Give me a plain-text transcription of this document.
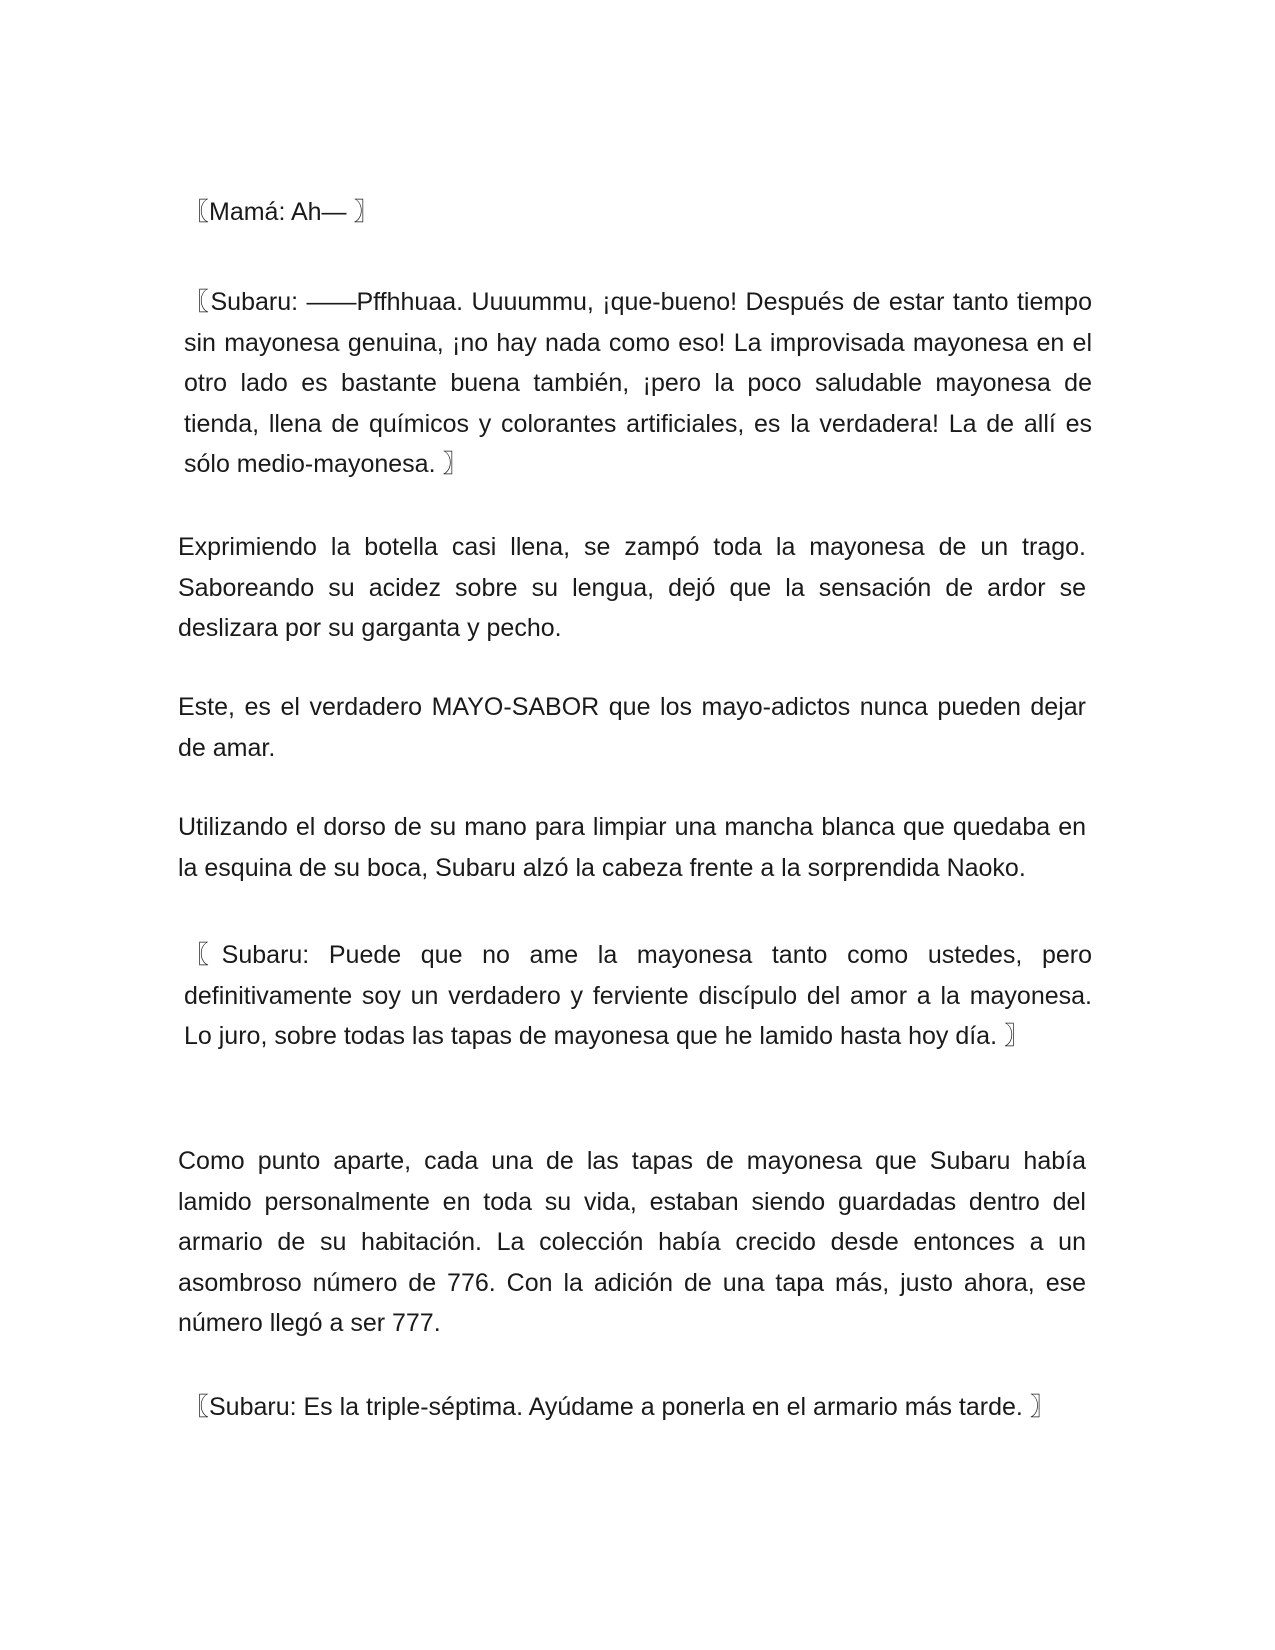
〖Mamá: Ah— 〗

〖Subaru: ——Pffhhuaa. Uuuummu, ¡que-bueno! Después de estar tanto tiempo sin mayonesa genuina, ¡no hay nada como eso! La improvisada mayonesa en el otro lado es bastante buena también, ¡pero la poco saludable mayonesa de tienda, llena de químicos y colorantes artificiales, es la verdadera! La de allí es sólo medio-mayonesa. 〗

Exprimiendo la botella casi llena, se zampó toda la mayonesa de un trago. Saboreando su acidez sobre su lengua, dejó que la sensación de ardor se deslizara por su garganta y pecho.

Este, es el verdadero MAYO-SABOR que los mayo-adictos nunca pueden dejar de amar.

Utilizando el dorso de su mano para limpiar una mancha blanca que quedaba en la esquina de su boca, Subaru alzó la cabeza frente a la sorprendida Naoko.

〖Subaru: Puede que no ame la mayonesa tanto como ustedes, pero definitivamente soy un verdadero y ferviente discípulo del amor a la mayonesa. Lo juro, sobre todas las tapas de mayonesa que he lamido hasta hoy día. 〗

Como punto aparte, cada una de las tapas de mayonesa que Subaru había lamido personalmente en toda su vida, estaban siendo guardadas dentro del armario de su habitación. La colección había crecido desde entonces a un asombroso número de 776. Con la adición de una tapa más, justo ahora, ese número llegó a ser 777.

〖Subaru: Es la triple-séptima. Ayúdame a ponerla en el armario más tarde. 〗
